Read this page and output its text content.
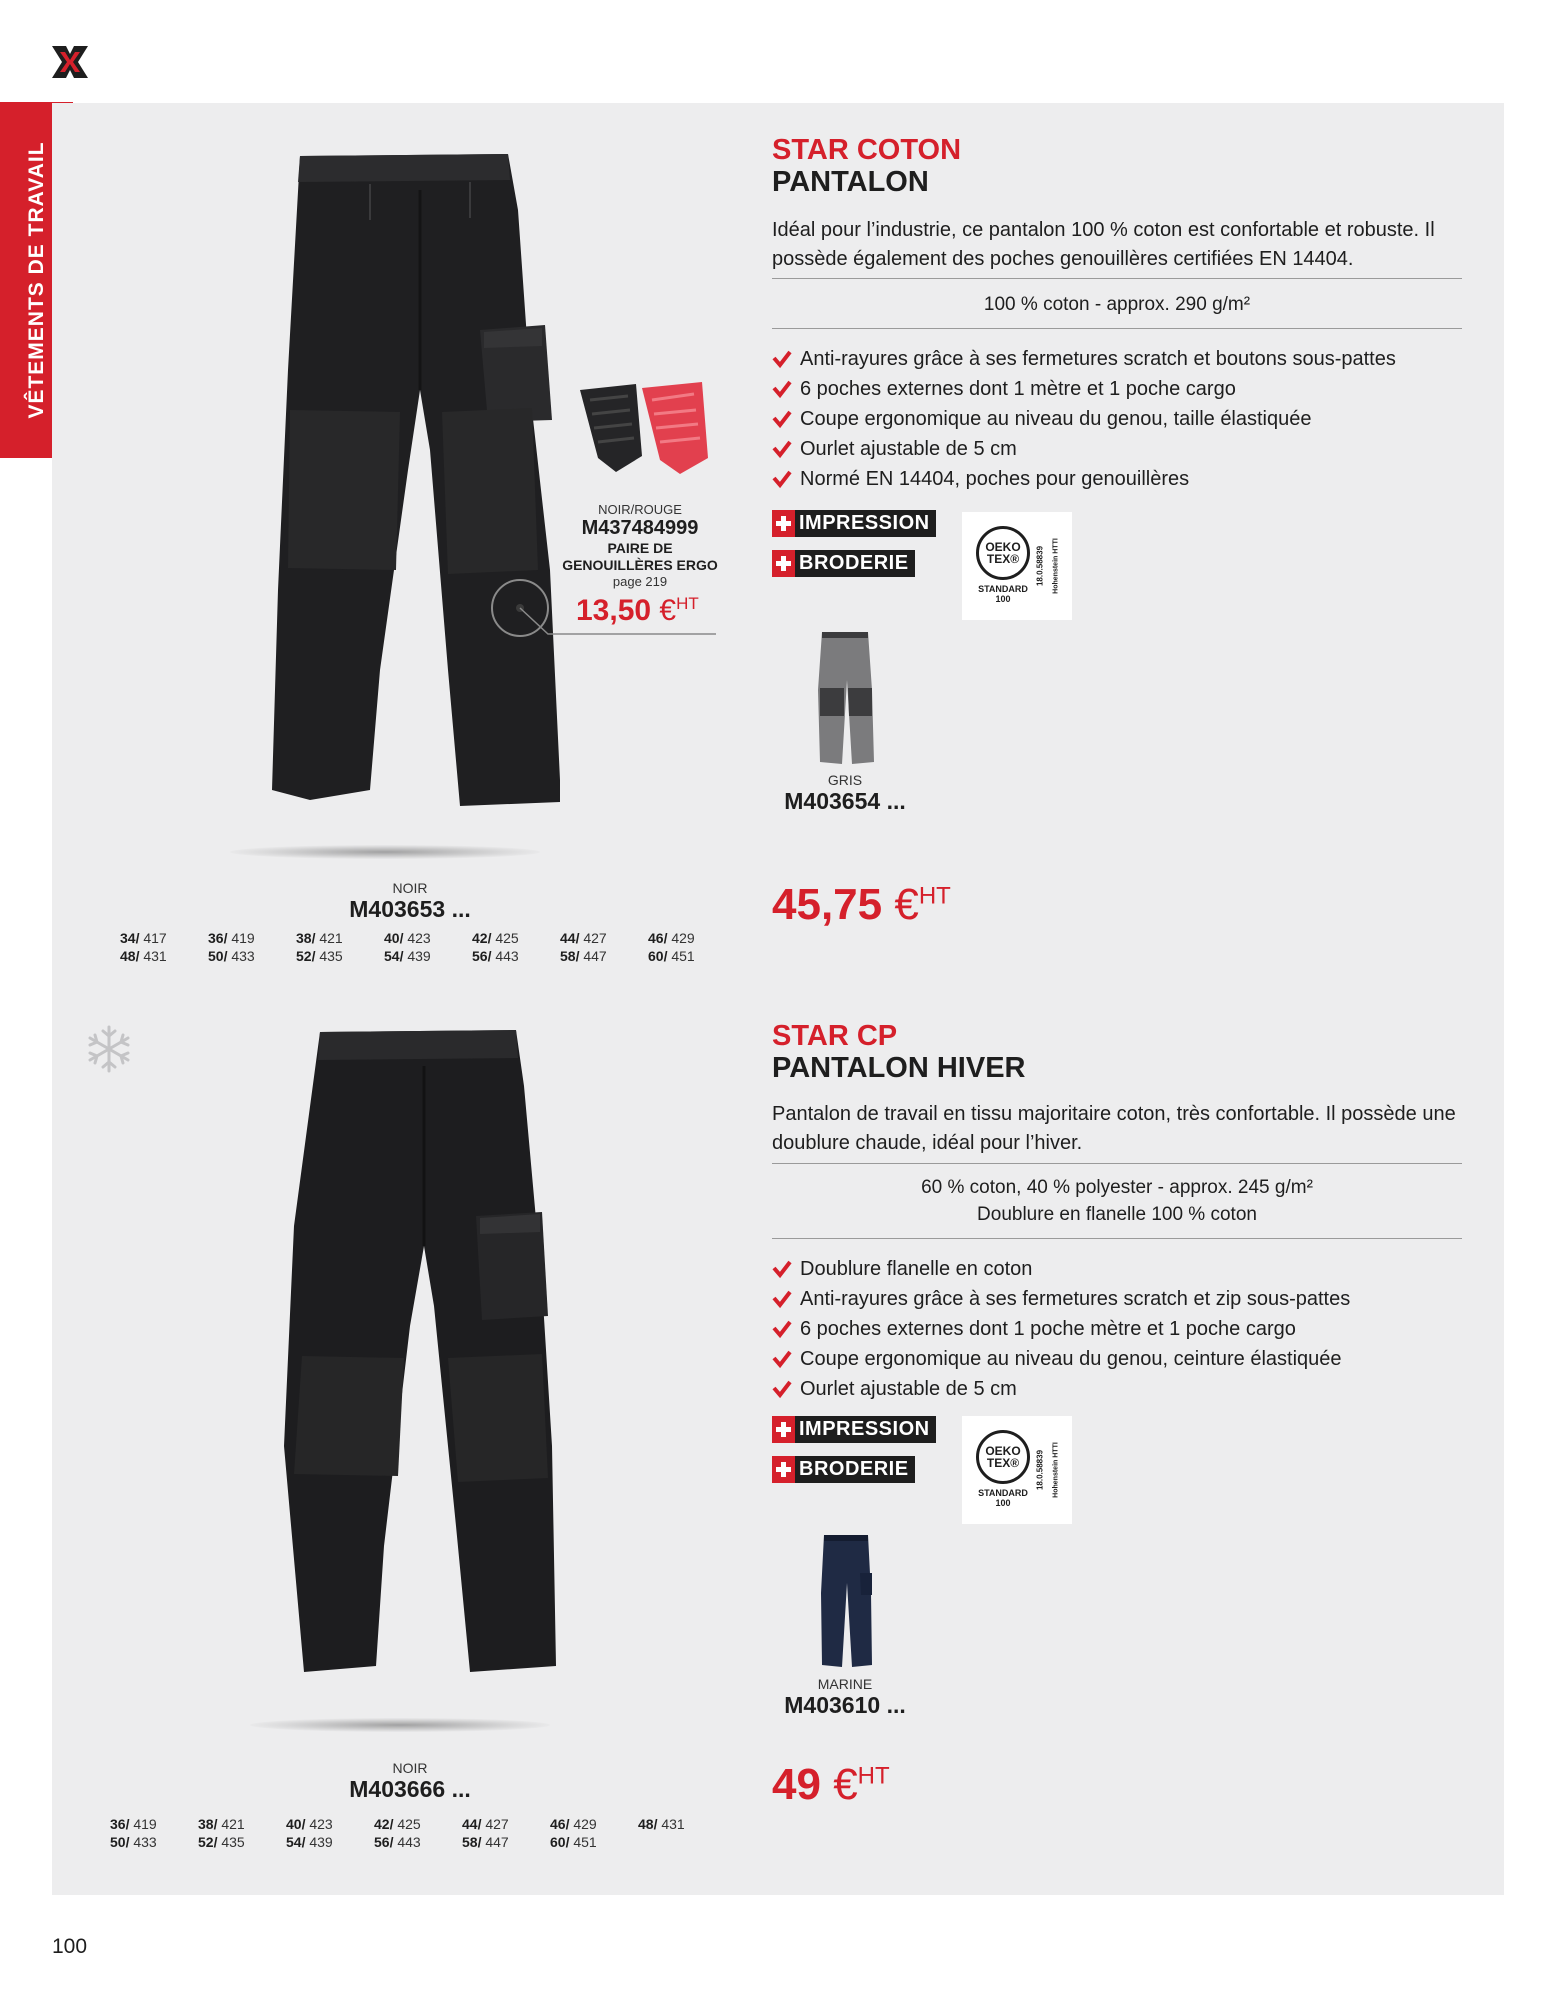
VÊTEMENTS DE TRAVAIL
NOIR/ROUGE
M437484999
PAIRE DE
GENOUILLÈRES ERGO
page 219
13,50 €$^{HT}$
NOIR
M403653 ...
34/ 417	36/ 419	38/ 421	40/ 423	42/ 425	44/ 427	46/ 429
48/ 431	50/ 433	52/ 435	54/ 439	56/ 443	58/ 447	60/ 451
STAR COTON
PANTALON
Idéal pour l’industrie, ce pantalon 100 % coton est confortable et robuste. Il possède également des poches genouillères certifiées EN 14404.
100 % coton - approx. 290 g/m²
Anti-rayures grâce à ses fermetures scratch et boutons sous-pattes
6 poches externes dont 1 mètre et 1 poche cargo
Coupe ergonomique au niveau du genou, taille élastiquée
Ourlet ajustable de 5 cm
Normé EN 14404, poches pour genouillères
IMPRESSION
BRODERIE
OEKO
TEX®
STANDARD
100
18.0.58839 Hohenstein HTTI
GRIS
M403654 ...
45,75 €$^{HT}$
NOIR
M403666 ...
36/ 419	38/ 421	40/ 423	42/ 425	44/ 427	46/ 429	48/ 431
50/ 433	52/ 435	54/ 439	56/ 443	58/ 447	60/ 451
STAR CP
PANTALON HIVER
Pantalon de travail en tissu majoritaire coton, très confortable. Il possède une doublure chaude, idéal pour l’hiver.
60 % coton, 40 % polyester - approx. 245 g/m²
Doublure en flanelle 100 % coton
Doublure flanelle en coton
Anti-rayures grâce à ses fermetures scratch et zip sous-pattes
6 poches externes dont 1 poche mètre et 1 poche cargo
Coupe ergonomique au niveau du genou, ceinture élastiquée
Ourlet ajustable de 5 cm
IMPRESSION
BRODERIE
OEKO
TEX®
STANDARD
100
18.0.58839 Hohenstein HTTI
MARINE
M403610 ...
49 €$^{HT}$
100
